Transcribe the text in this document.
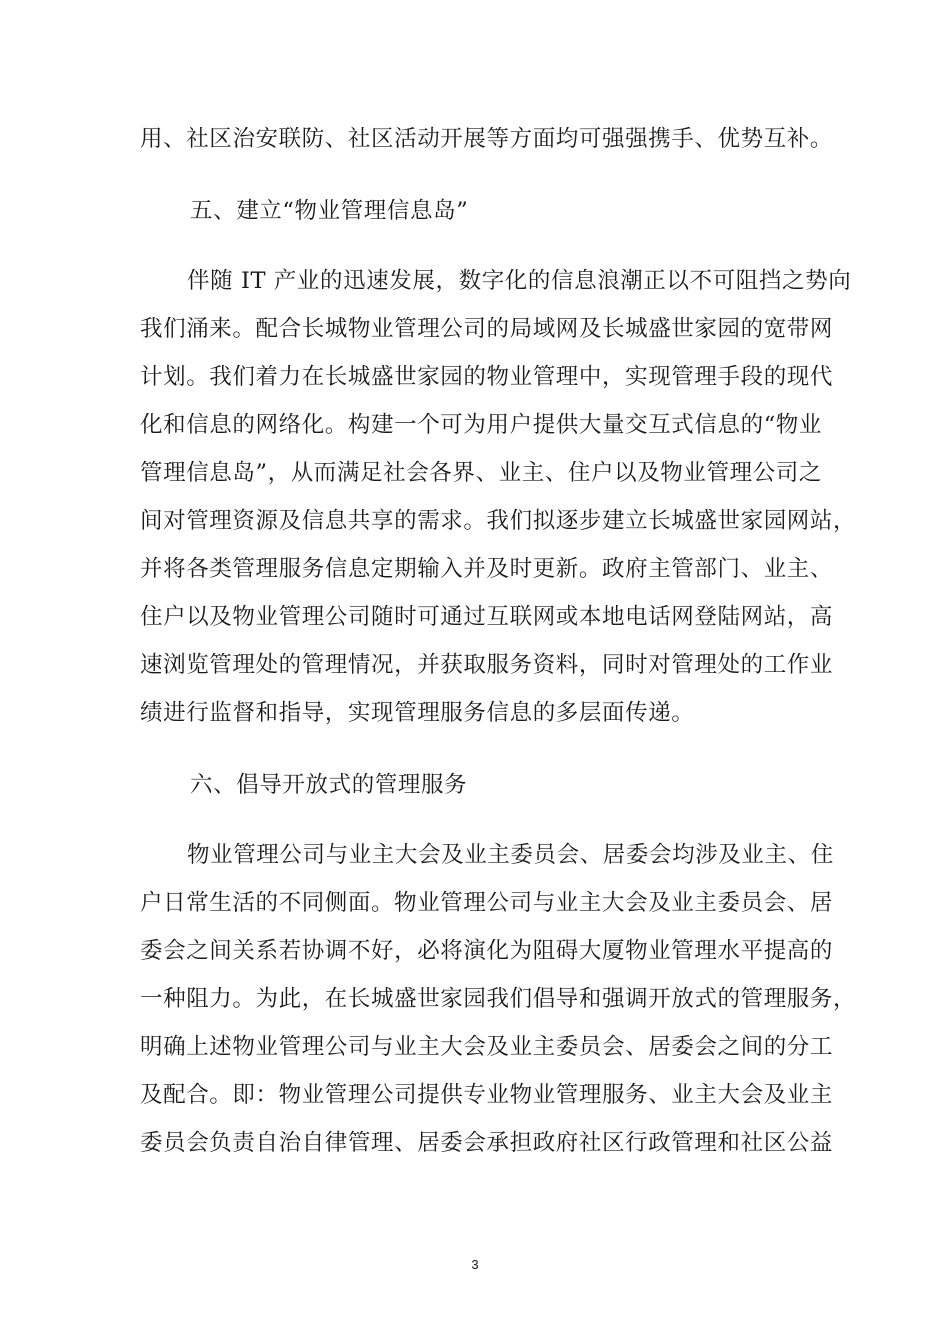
用、社区治安联防、社区活动开展等方面均可强强携手、优势互补。
五、建立“物业管理信息岛”
伴随 IT 产业的迅速发展，数字化的信息浪潮正以不可阻挡之势向
我们涌来。配合长城物业管理公司的局域网及长城盛世家园的宽带网
计划。我们着力在长城盛世家园的物业管理中，实现管理手段的现代
化和信息的网络化。构建一个可为用户提供大量交互式信息的“物业
管理信息岛”，从而满足社会各界、业主、住户以及物业管理公司之
间对管理资源及信息共享的需求。我们拟逐步建立长城盛世家园网站，
并将各类管理服务信息定期输入并及时更新。政府主管部门、业主、
住户以及物业管理公司随时可通过互联网或本地电话网登陆网站，高
速浏览管理处的管理情况，并获取服务资料，同时对管理处的工作业
绩进行监督和指导，实现管理服务信息的多层面传递。
六、倡导开放式的管理服务
物业管理公司与业主大会及业主委员会、居委会均涉及业主、住
户日常生活的不同侧面。物业管理公司与业主大会及业主委员会、居
委会之间关系若协调不好，必将演化为阻碍大厦物业管理水平提高的
一种阻力。为此，在长城盛世家园我们倡导和强调开放式的管理服务，
明确上述物业管理公司与业主大会及业主委员会、居委会之间的分工
及配合。即：物业管理公司提供专业物业管理服务、业主大会及业主
委员会负责自治自律管理、居委会承担政府社区行政管理和社区公益
3
